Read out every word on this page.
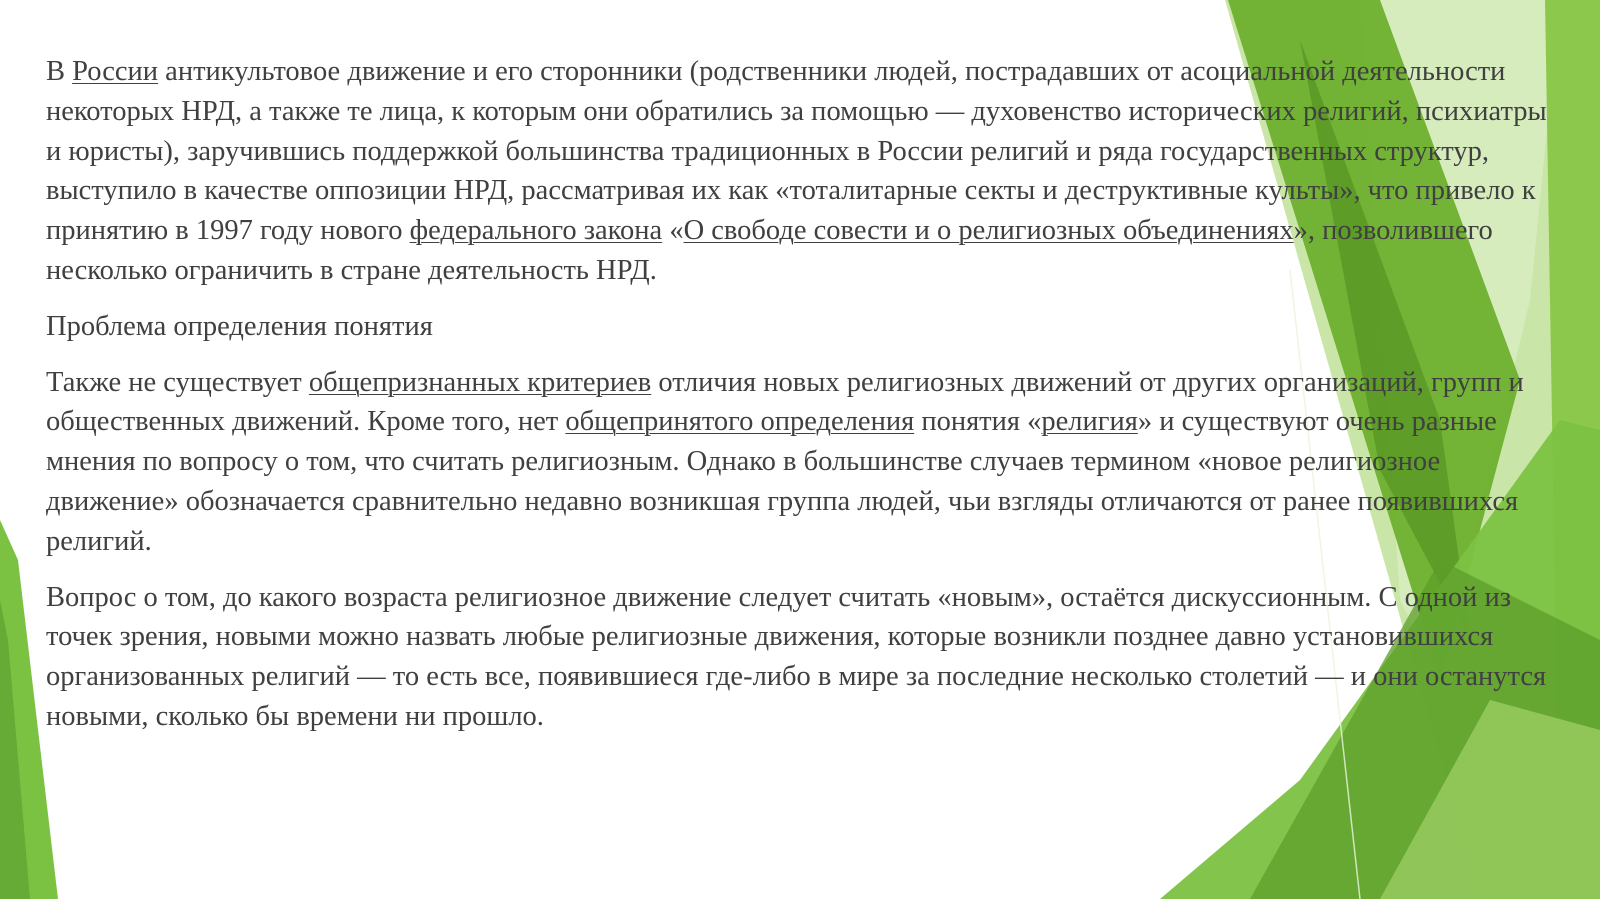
В России антикультовое движение и его сторонники (родственники людей, пострадавших от асоциальной деятельности некоторых НРД, а также те лица, к которым они обратились за помощью — духовенство исторических религий, психиатры и юристы), заручившись поддержкой большинства традиционных в России религий и ряда государственных структур, выступило в качестве оппозиции НРД, рассматривая их как «тоталитарные секты и деструктивные культы», что привело к принятию в 1997 году нового федерального закона «О свободе совести и о религиозных объединениях», позволившего несколько ограничить в стране деятельность НРД.

Проблема определения понятия

Также не существует общепризнанных критериев отличия новых религиозных движений от других организаций, групп и общественных движений. Кроме того, нет общепринятого определения понятия «религия» и существуют очень разные мнения по вопросу о том, что считать религиозным. Однако в большинстве случаев термином «новое религиозное движение» обозначается сравнительно недавно возникшая группа людей, чьи взгляды отличаются от ранее появившихся религий.

Вопрос о том, до какого возраста религиозное движение следует считать «новым», остаётся дискуссионным. С одной из точек зрения, новыми можно назвать любые религиозные движения, которые возникли позднее давно установившихся организованных религий — то есть все, появившиеся где-либо в мире за последние несколько столетий — и они останутся новыми, сколько бы времени ни прошло.
